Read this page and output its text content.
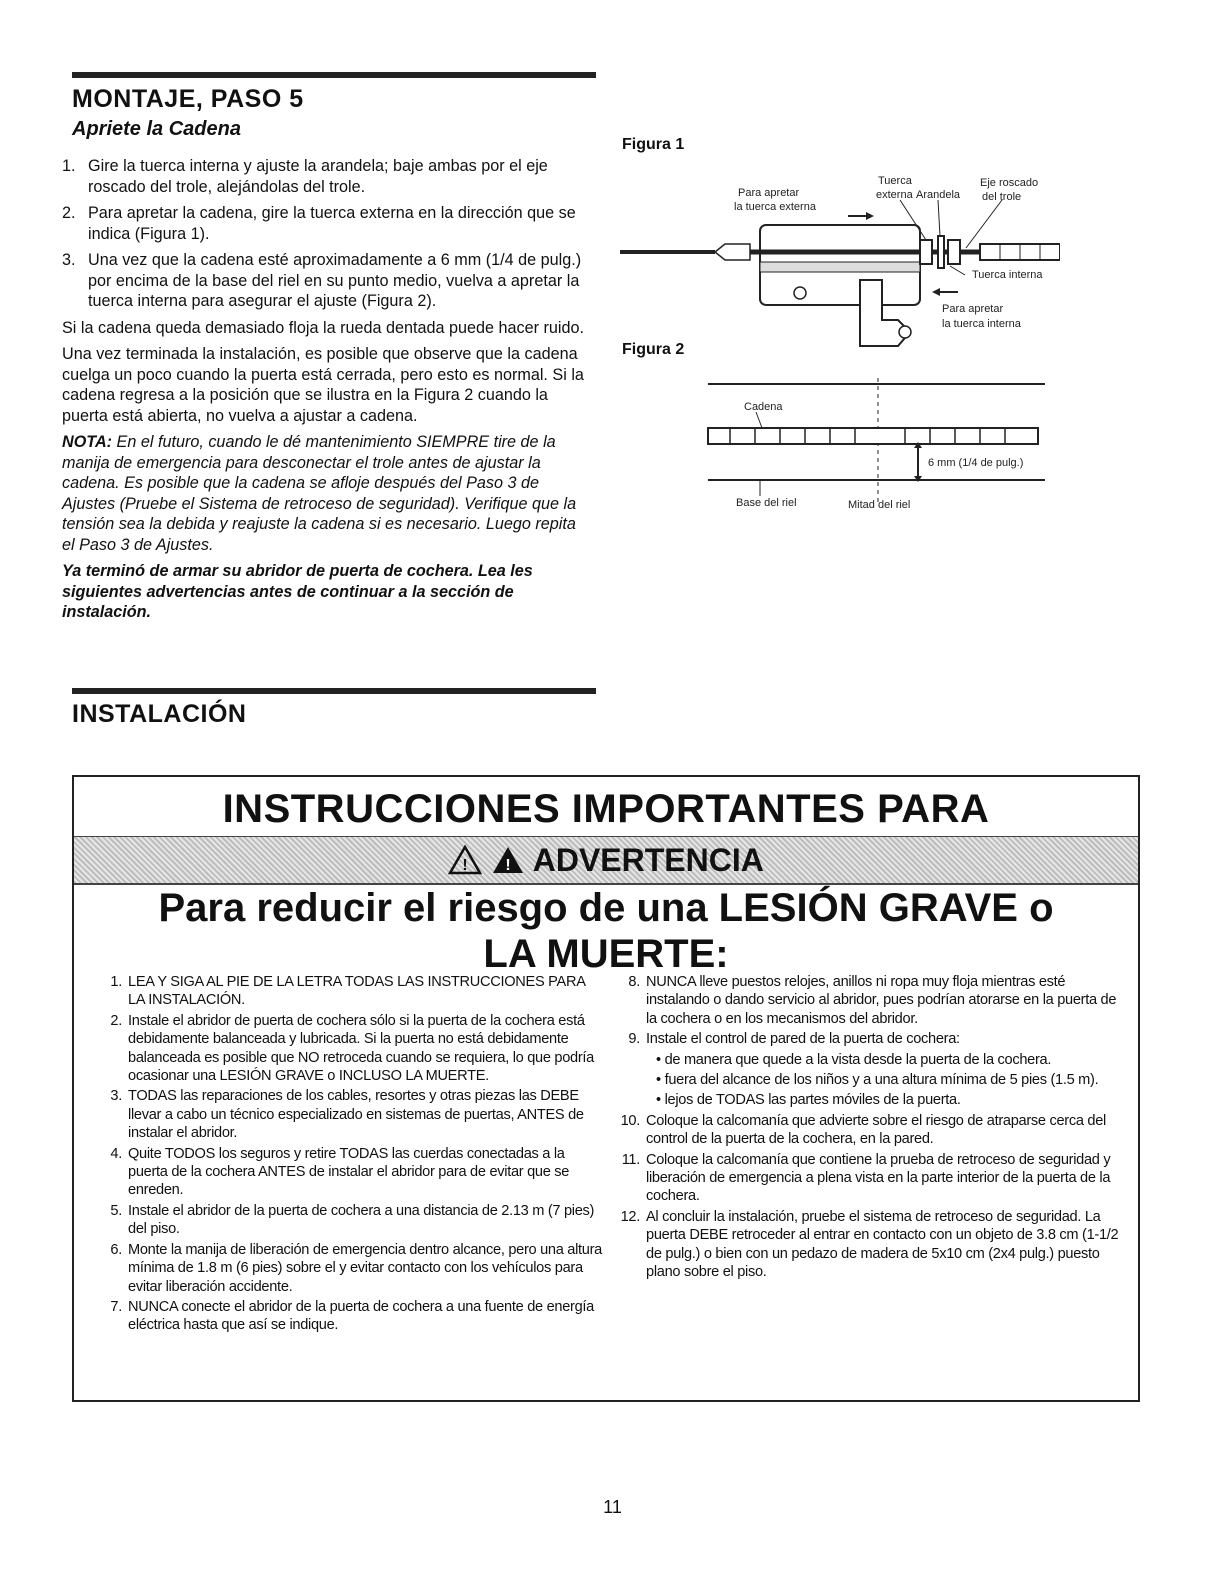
MONTAJE, PASO 5
Apriete la Cadena
1. Gire la tuerca interna y ajuste la arandela; baje ambas por el eje roscado del trole, alejándolas del trole.
2. Para apretar la cadena, gire la tuerca externa en la dirección que se indica (Figura 1).
3. Una vez que la cadena esté aproximadamente a 6 mm (1/4 de pulg.) por encima de la base del riel en su punto medio, vuelva a apretar la tuerca interna para asegurar el ajuste (Figura 2).

Si la cadena queda demasiado floja la rueda dentada puede hacer ruido.

Una vez terminada la instalación, es posible que observe que la cadena cuelga un poco cuando la puerta está cerrada, pero esto es normal. Si la cadena regresa a la posición que se ilustra en la Figura 2 cuando la puerta está abierta, no vuelva a ajustar a cadena.

NOTA: En el futuro, cuando le dé mantenimiento SIEMPRE tire de la manija de emergencia para desconectar el trole antes de ajustar la cadena. Es posible que la cadena se afloje después del Paso 3 de Ajustes (Pruebe el Sistema de retroceso de seguridad). Verifique que la tensión sea la debida y reajuste la cadena si es necesario. Luego repita el Paso 3 de Ajustes.

Ya terminó de armar su abridor de puerta de cochera. Lea les siguientes advertencias antes de continuar a la sección de instalación.

Figura 1
Para apretar
la tuerca externa
Tuerca
externa Arandela
Eje roscado
del trole
Tuerca interna
Para apretar
la tuerca interna
Figura 2
Cadena
6 mm (1/4 de pulg.)
Base del riel	Mitad del riel
INSTALACIÓN
INSTRUCCIONES IMPORTANTES PARA
!
! ADVERTENCIA
Para reducir el riesgo de una LESIÓN GRAVE o
LA MUERTE:
1. LEA Y SIGA AL PIE DE LA LETRA TODAS LAS INSTRUCCIONES PARA LA INSTALACIÓN.
2. Instale el abridor de puerta de cochera sólo si la puerta de la cochera está debidamente balanceada y lubricada. Si la puerta no está debidamente balanceada es posible que NO retroceda cuando se requiera, lo que podría ocasionar una LESIÓN GRAVE o INCLUSO LA MUERTE.
3. TODAS las reparaciones de los cables, resortes y otras piezas las DEBE llevar a cabo un técnico especializado en sistemas de puertas, ANTES de instalar el abridor.
4. Quite TODOS los seguros y retire TODAS las cuerdas conectadas a la puerta de la cochera ANTES de instalar el abridor para de evitar que se enreden.
5. Instale el abridor de la puerta de cochera a una distancia de 2.13 m (7 pies) del piso.
6. Monte la manija de liberación de emergencia dentro alcance, pero una altura mínima de 1.8 m (6 pies) sobre el y evitar contacto con los vehículos para evitar liberación accidente.
7. NUNCA conecte el abridor de la puerta de cochera a una fuente de energía eléctrica hasta que así se indique.
8. NUNCA lleve puestos relojes, anillos ni ropa muy floja mientras esté instalando o dando servicio al abridor, pues podrían atorarse en la puerta de la cochera o en los mecanismos del abridor.
9. Instale el control de pared de la puerta de cochera:
• de manera que quede a la vista desde la puerta de la cochera.
• fuera del alcance de los niños y a una altura mínima de 5 pies (1.5 m).
• lejos de TODAS las partes móviles de la puerta.
10. Coloque la calcomanía que advierte sobre el riesgo de atraparse cerca del control de la puerta de la cochera, en la pared.
11. Coloque la calcomanía que contiene la prueba de retroceso de seguridad y liberación de emergencia a plena vista en la parte interior de la puerta de la cochera.
12. Al concluir la instalación, pruebe el sistema de retroceso de seguridad. La puerta DEBE retroceder al entrar en contacto con un objeto de 3.8 cm (1-1/2 de pulg.) o bien con un pedazo de madera de 5x10 cm (2x4 pulg.) puesto plano sobre el piso.
11
